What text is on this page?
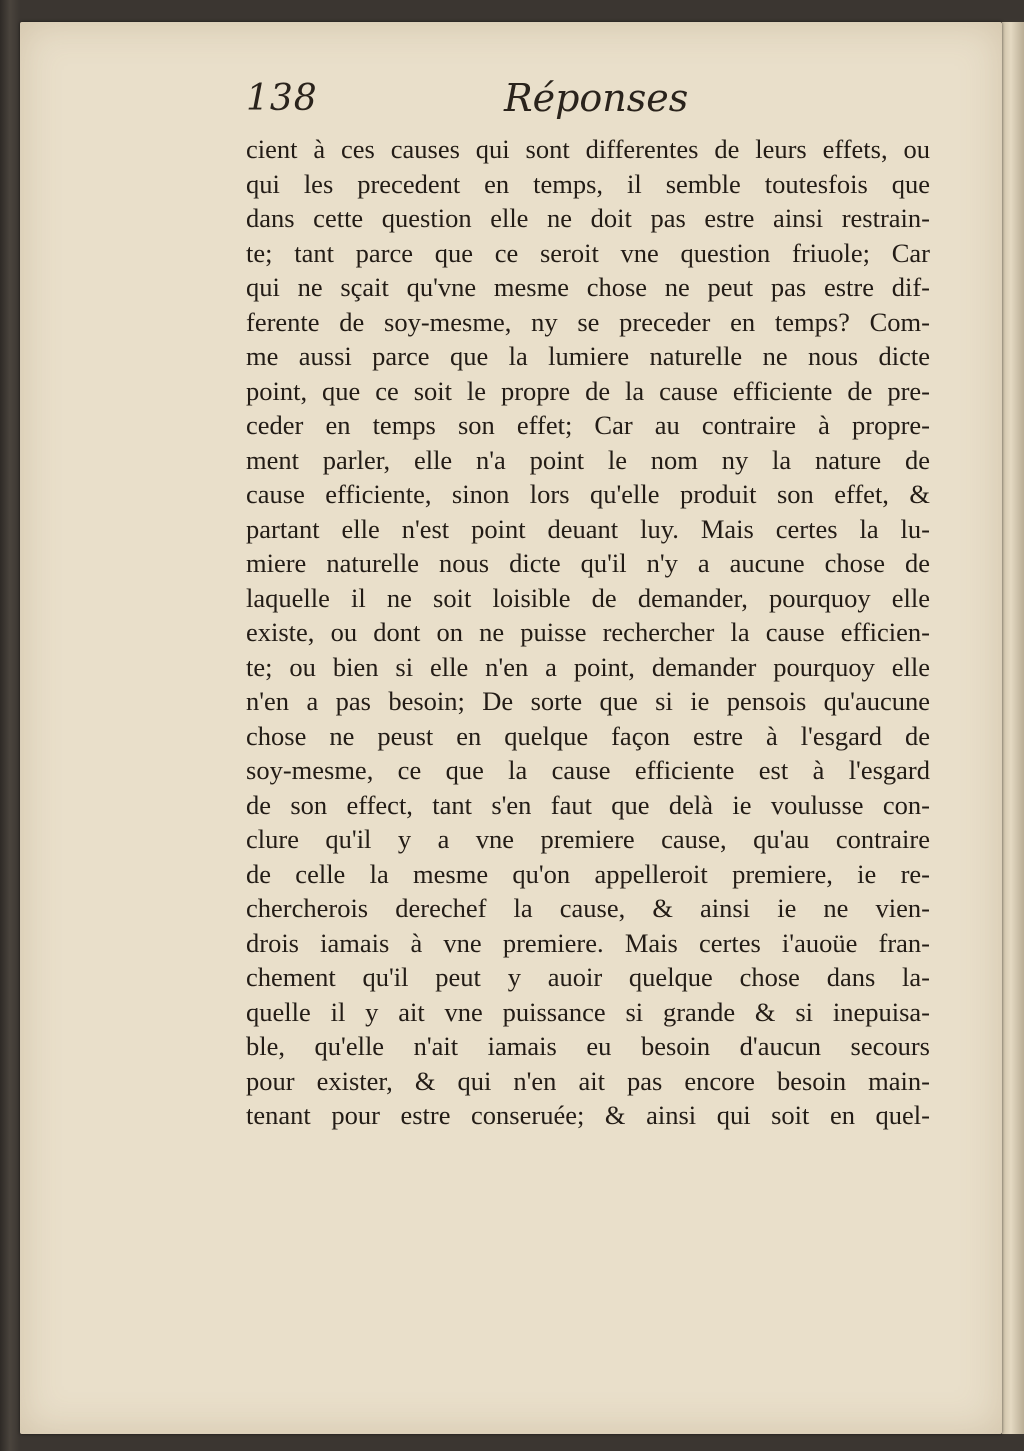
138	Réponses
cient à ces causes qui sont differentes de leurs effets, ou
qui les precedent en temps, il semble toutesfois que
dans cette question elle ne doit pas estre ainsi restrain-
te; tant parce que ce seroit vne question friuole; Car
qui ne sçait qu'vne mesme chose ne peut pas estre dif-
ferente de soy-mesme, ny se preceder en temps? Com-
me aussi parce que la lumiere naturelle ne nous dicte
point, que ce soit le propre de la cause efficiente de pre-
ceder en temps son effet; Car au contraire à propre-
ment parler, elle n'a point le nom ny la nature de
cause efficiente, sinon lors qu'elle produit son effet, &
partant elle n'est point deuant luy. Mais certes la lu-
miere naturelle nous dicte qu'il n'y a aucune chose de
laquelle il ne soit loisible de demander, pourquoy elle
existe, ou dont on ne puisse rechercher la cause efficien-
te; ou bien si elle n'en a point, demander pourquoy elle
n'en a pas besoin; De sorte que si ie pensois qu'aucune
chose ne peust en quelque façon estre à l'esgard de
soy-mesme, ce que la cause efficiente est à l'esgard
de son effect, tant s'en faut que delà ie voulusse con-
clure qu'il y a vne premiere cause, qu'au contraire
de celle la mesme qu'on appelleroit premiere, ie re-
chercherois derechef la cause, & ainsi ie ne vien-
drois iamais à vne premiere. Mais certes i'auoüe fran-
chement qu'il peut y auoir quelque chose dans la-
quelle il y ait vne puissance si grande & si inepuisa-
ble, qu'elle n'ait iamais eu besoin d'aucun secours
pour exister, & qui n'en ait pas encore besoin main-
tenant pour estre conseruée; & ainsi qui soit en quel-
